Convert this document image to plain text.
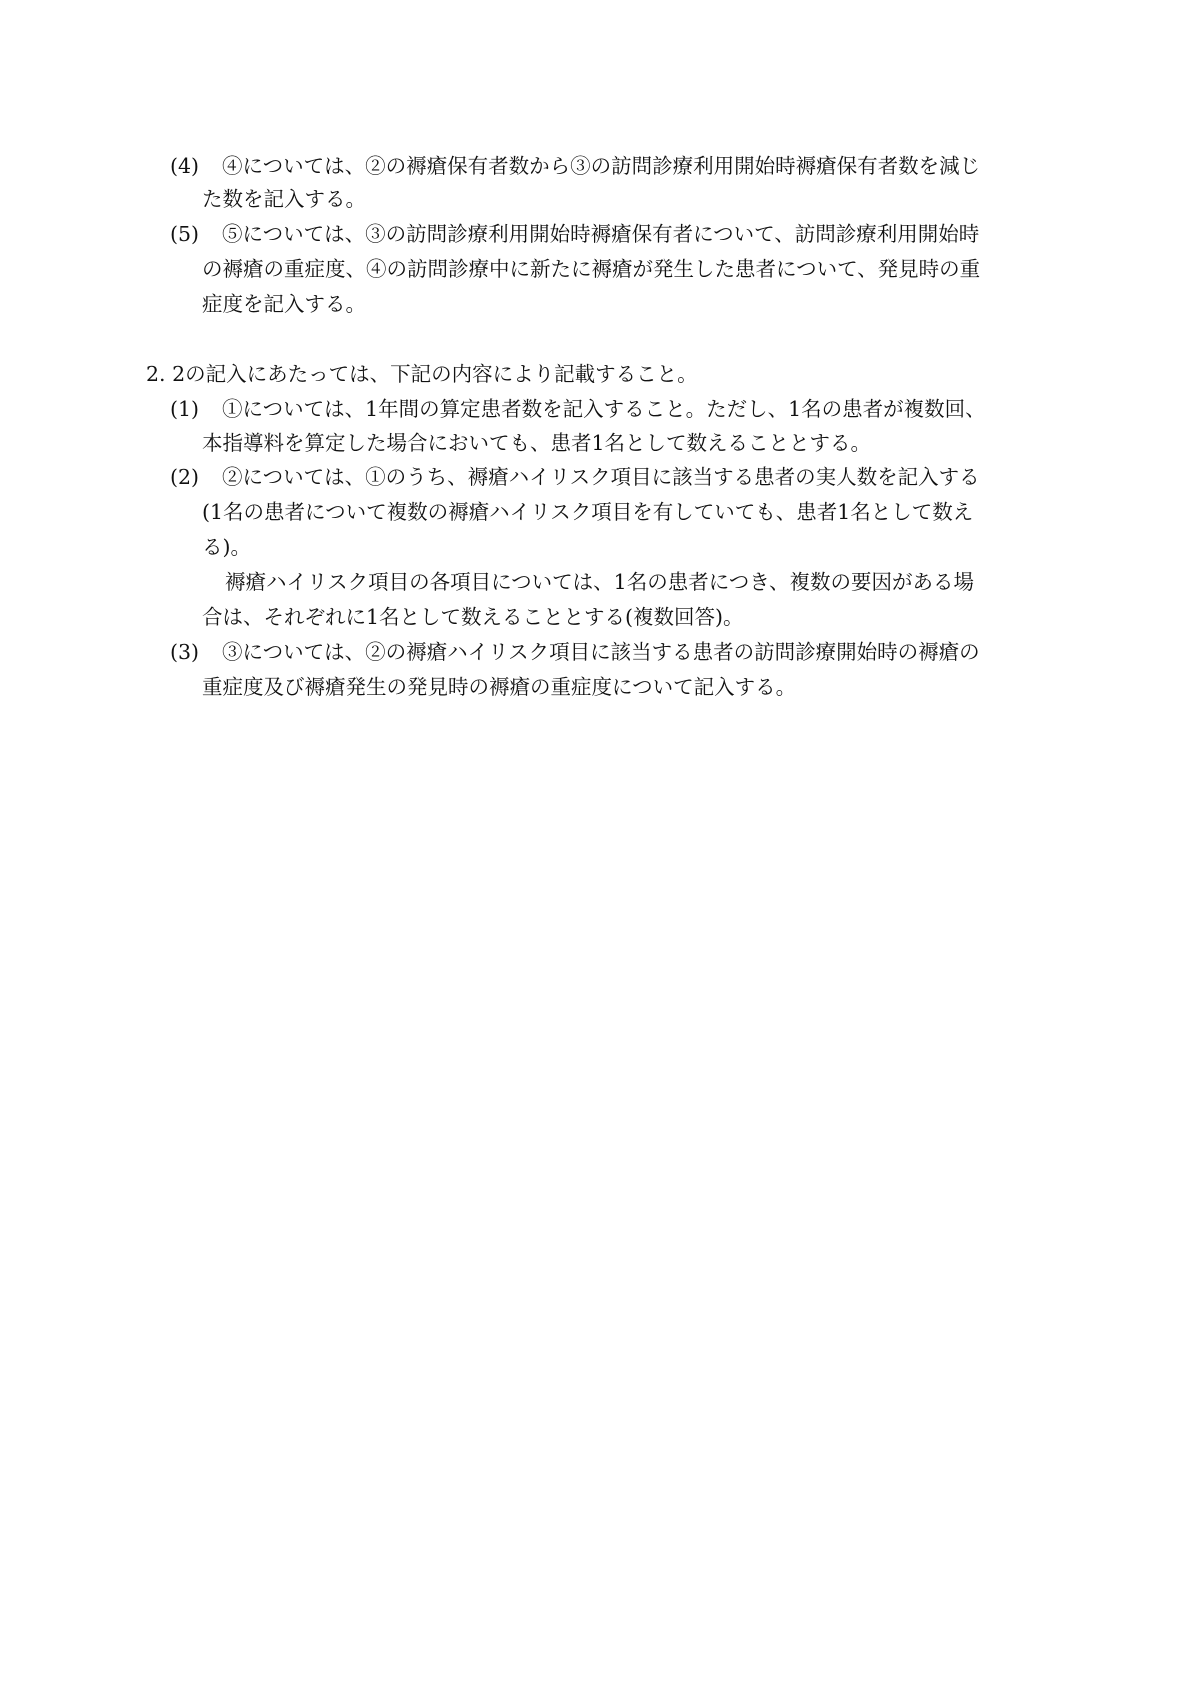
(4) ④については、②の褥瘡保有者数から③の訪問診療利用開始時褥瘡保有者数を減じ
た数を記入する。
(5) ⑤については、③の訪問診療利用開始時褥瘡保有者について、訪問診療利用開始時
の褥瘡の重症度、④の訪問診療中に新たに褥瘡が発生した患者について、発見時の重
症度を記入する。
2. 2の記入にあたっては、下記の内容により記載すること。
(1) ①については、1年間の算定患者数を記入すること。ただし、1名の患者が複数回、
本指導料を算定した場合においても、患者1名として数えることとする。
(2) ②については、①のうち、褥瘡ハイリスク項目に該当する患者の実人数を記入する
(1名の患者について複数の褥瘡ハイリスク項目を有していても、患者1名として数え
る)。
褥瘡ハイリスク項目の各項目については、1名の患者につき、複数の要因がある場
合は、それぞれに1名として数えることとする(複数回答)。
(3) ③については、②の褥瘡ハイリスク項目に該当する患者の訪問診療開始時の褥瘡の
重症度及び褥瘡発生の発見時の褥瘡の重症度について記入する。
